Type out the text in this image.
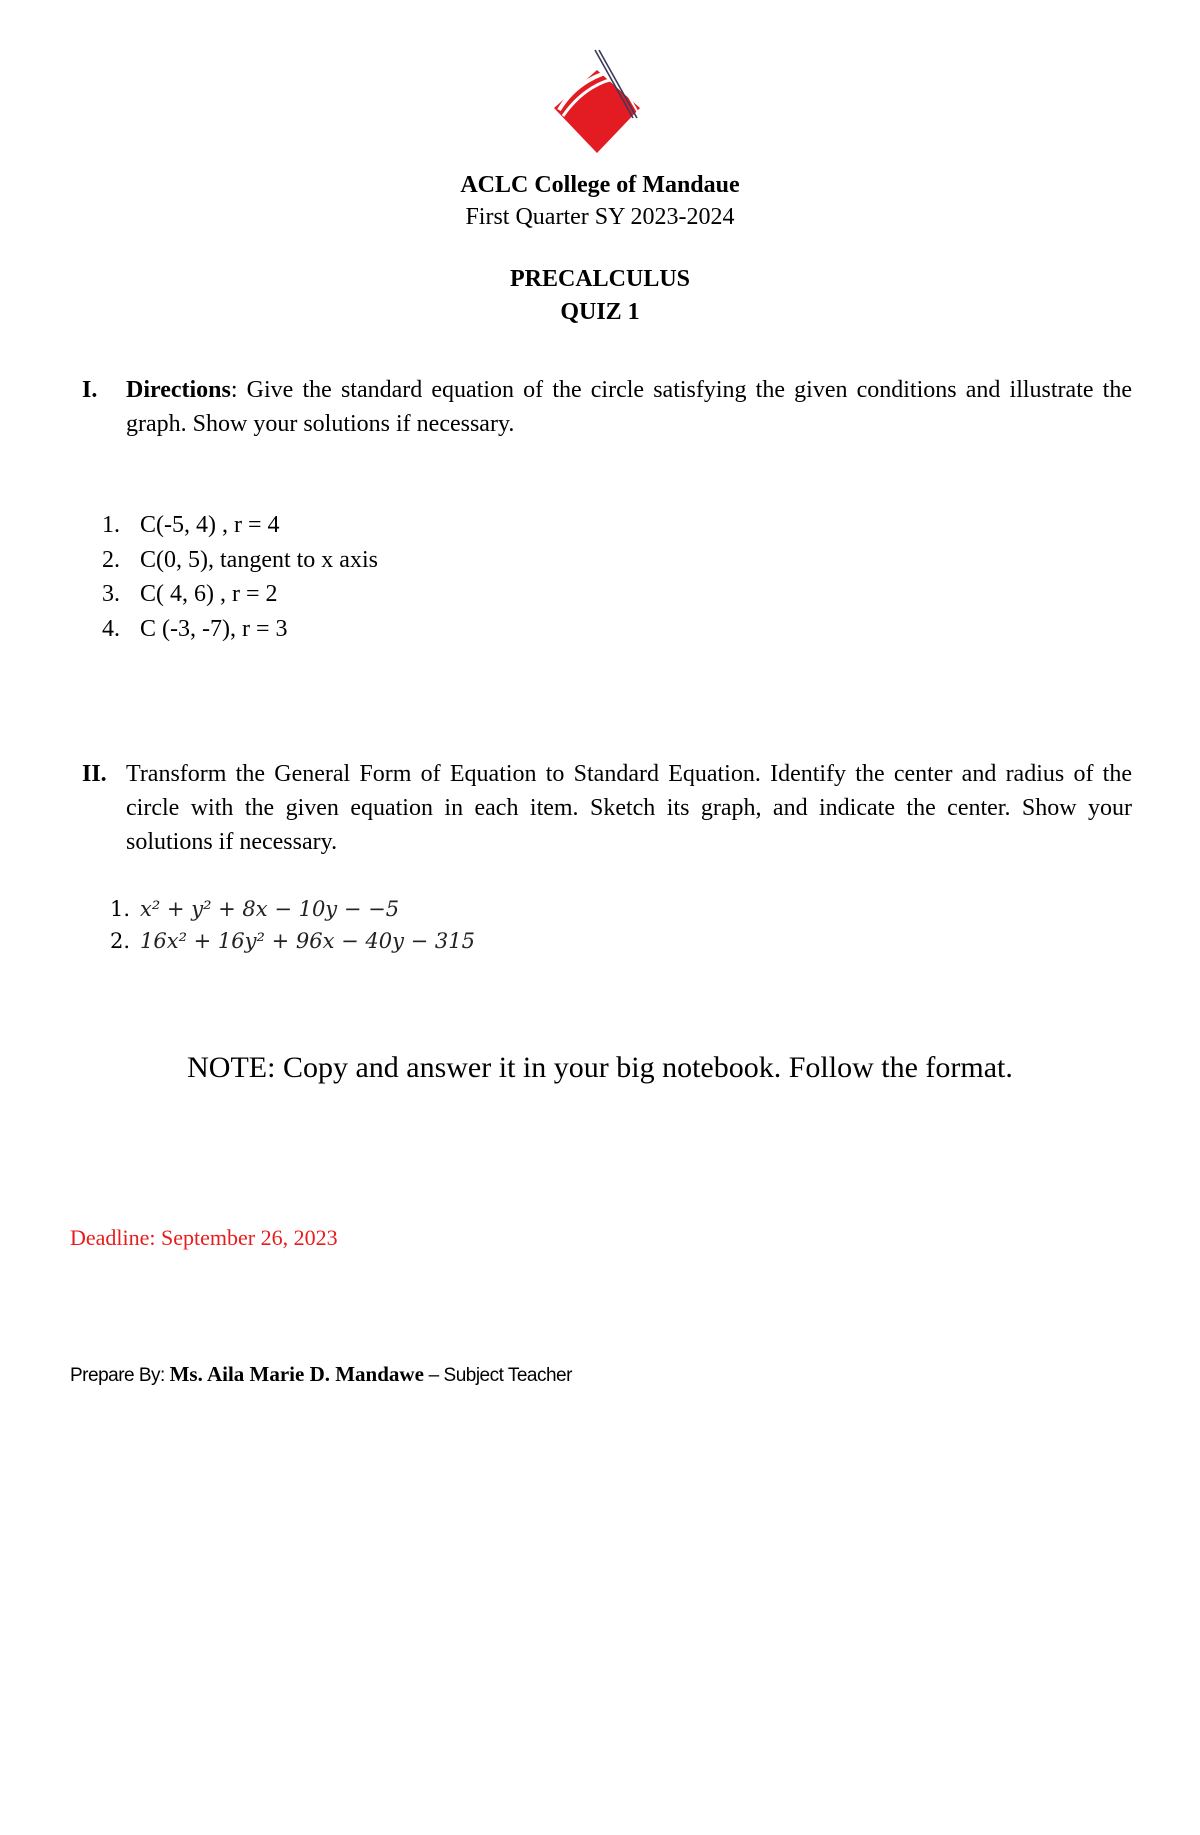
ACLC College of Mandaue
First Quarter SY 2023-2024
PRECALCULUS
QUIZ 1
I. Directions: Give the standard equation of the circle satisfying the given conditions and illustrate the graph. Show your solutions if necessary.
1. C(-5, 4) , r = 4
2. C(0, 5), tangent to x axis
3. C( 4, 6) , r = 2
4. C (-3, -7), r = 3
II. Transform the General Form of Equation to Standard Equation. Identify the center and radius of the circle with the given equation in each item. Sketch its graph, and indicate the center. Show your solutions if necessary.
1. x² + y² + 8x − 10y − −5
2. 16x² + 16y² + 96x − 40y − 315
NOTE: Copy and answer it in your big notebook. Follow the format.
Deadline: September 26, 2023
Prepare By: Ms. Aila Marie D. Mandawe – Subject Teacher
